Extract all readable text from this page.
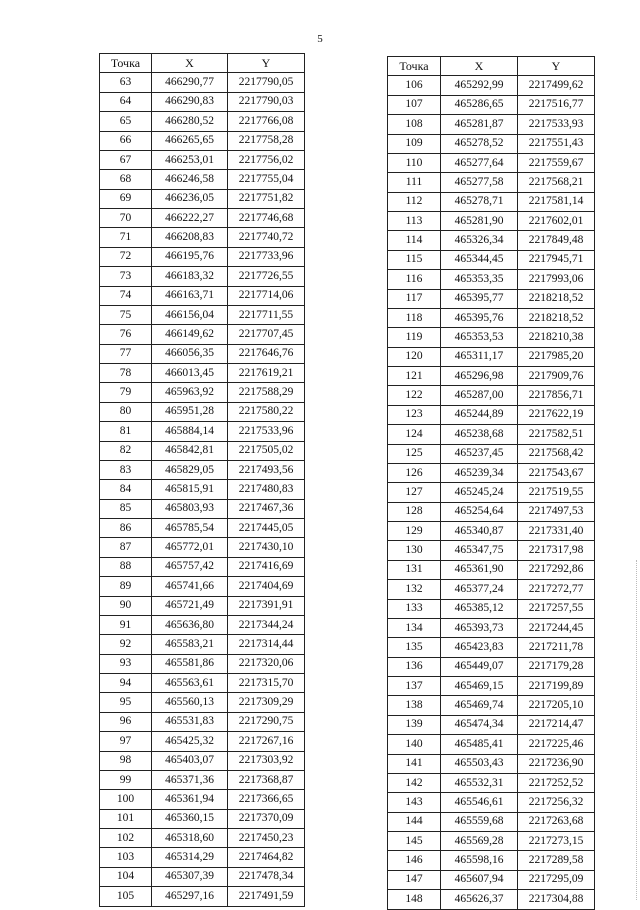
5
Точка	X	Y
63	466290,77	2217790,05
64	466290,83	2217790,03
65	466280,52	2217766,08
66	466265,65	2217758,28
67	466253,01	2217756,02
68	466246,58	2217755,04
69	466236,05	2217751,82
70	466222,27	2217746,68
71	466208,83	2217740,72
72	466195,76	2217733,96
73	466183,32	2217726,55
74	466163,71	2217714,06
75	466156,04	2217711,55
76	466149,62	2217707,45
77	466056,35	2217646,76
78	466013,45	2217619,21
79	465963,92	2217588,29
80	465951,28	2217580,22
81	465884,14	2217533,96
82	465842,81	2217505,02
83	465829,05	2217493,56
84	465815,91	2217480,83
85	465803,93	2217467,36
86	465785,54	2217445,05
87	465772,01	2217430,10
88	465757,42	2217416,69
89	465741,66	2217404,69
90	465721,49	2217391,91
91	465636,80	2217344,24
92	465583,21	2217314,44
93	465581,86	2217320,06
94	465563,61	2217315,70
95	465560,13	2217309,29
96	465531,83	2217290,75
97	465425,32	2217267,16
98	465403,07	2217303,92
99	465371,36	2217368,87
100	465361,94	2217366,65
101	465360,15	2217370,09
102	465318,60	2217450,23
103	465314,29	2217464,82
104	465307,39	2217478,34
105	465297,16	2217491,59
Точка	X	Y
106	465292,99	2217499,62
107	465286,65	2217516,77
108	465281,87	2217533,93
109	465278,52	2217551,43
110	465277,64	2217559,67
111	465277,58	2217568,21
112	465278,71	2217581,14
113	465281,90	2217602,01
114	465326,34	2217849,48
115	465344,45	2217945,71
116	465353,35	2217993,06
117	465395,77	2218218,52
118	465395,76	2218218,52
119	465353,53	2218210,38
120	465311,17	2217985,20
121	465296,98	2217909,76
122	465287,00	2217856,71
123	465244,89	2217622,19
124	465238,68	2217582,51
125	465237,45	2217568,42
126	465239,34	2217543,67
127	465245,24	2217519,55
128	465254,64	2217497,53
129	465340,87	2217331,40
130	465347,75	2217317,98
131	465361,90	2217292,86
132	465377,24	2217272,77
133	465385,12	2217257,55
134	465393,73	2217244,45
135	465423,83	2217211,78
136	465449,07	2217179,28
137	465469,15	2217199,89
138	465469,74	2217205,10
139	465474,34	2217214,47
140	465485,41	2217225,46
141	465503,43	2217236,90
142	465532,31	2217252,52
143	465546,61	2217256,32
144	465559,68	2217263,68
145	465569,28	2217273,15
146	465598,16	2217289,58
147	465607,94	2217295,09
148	465626,37	2217304,88
